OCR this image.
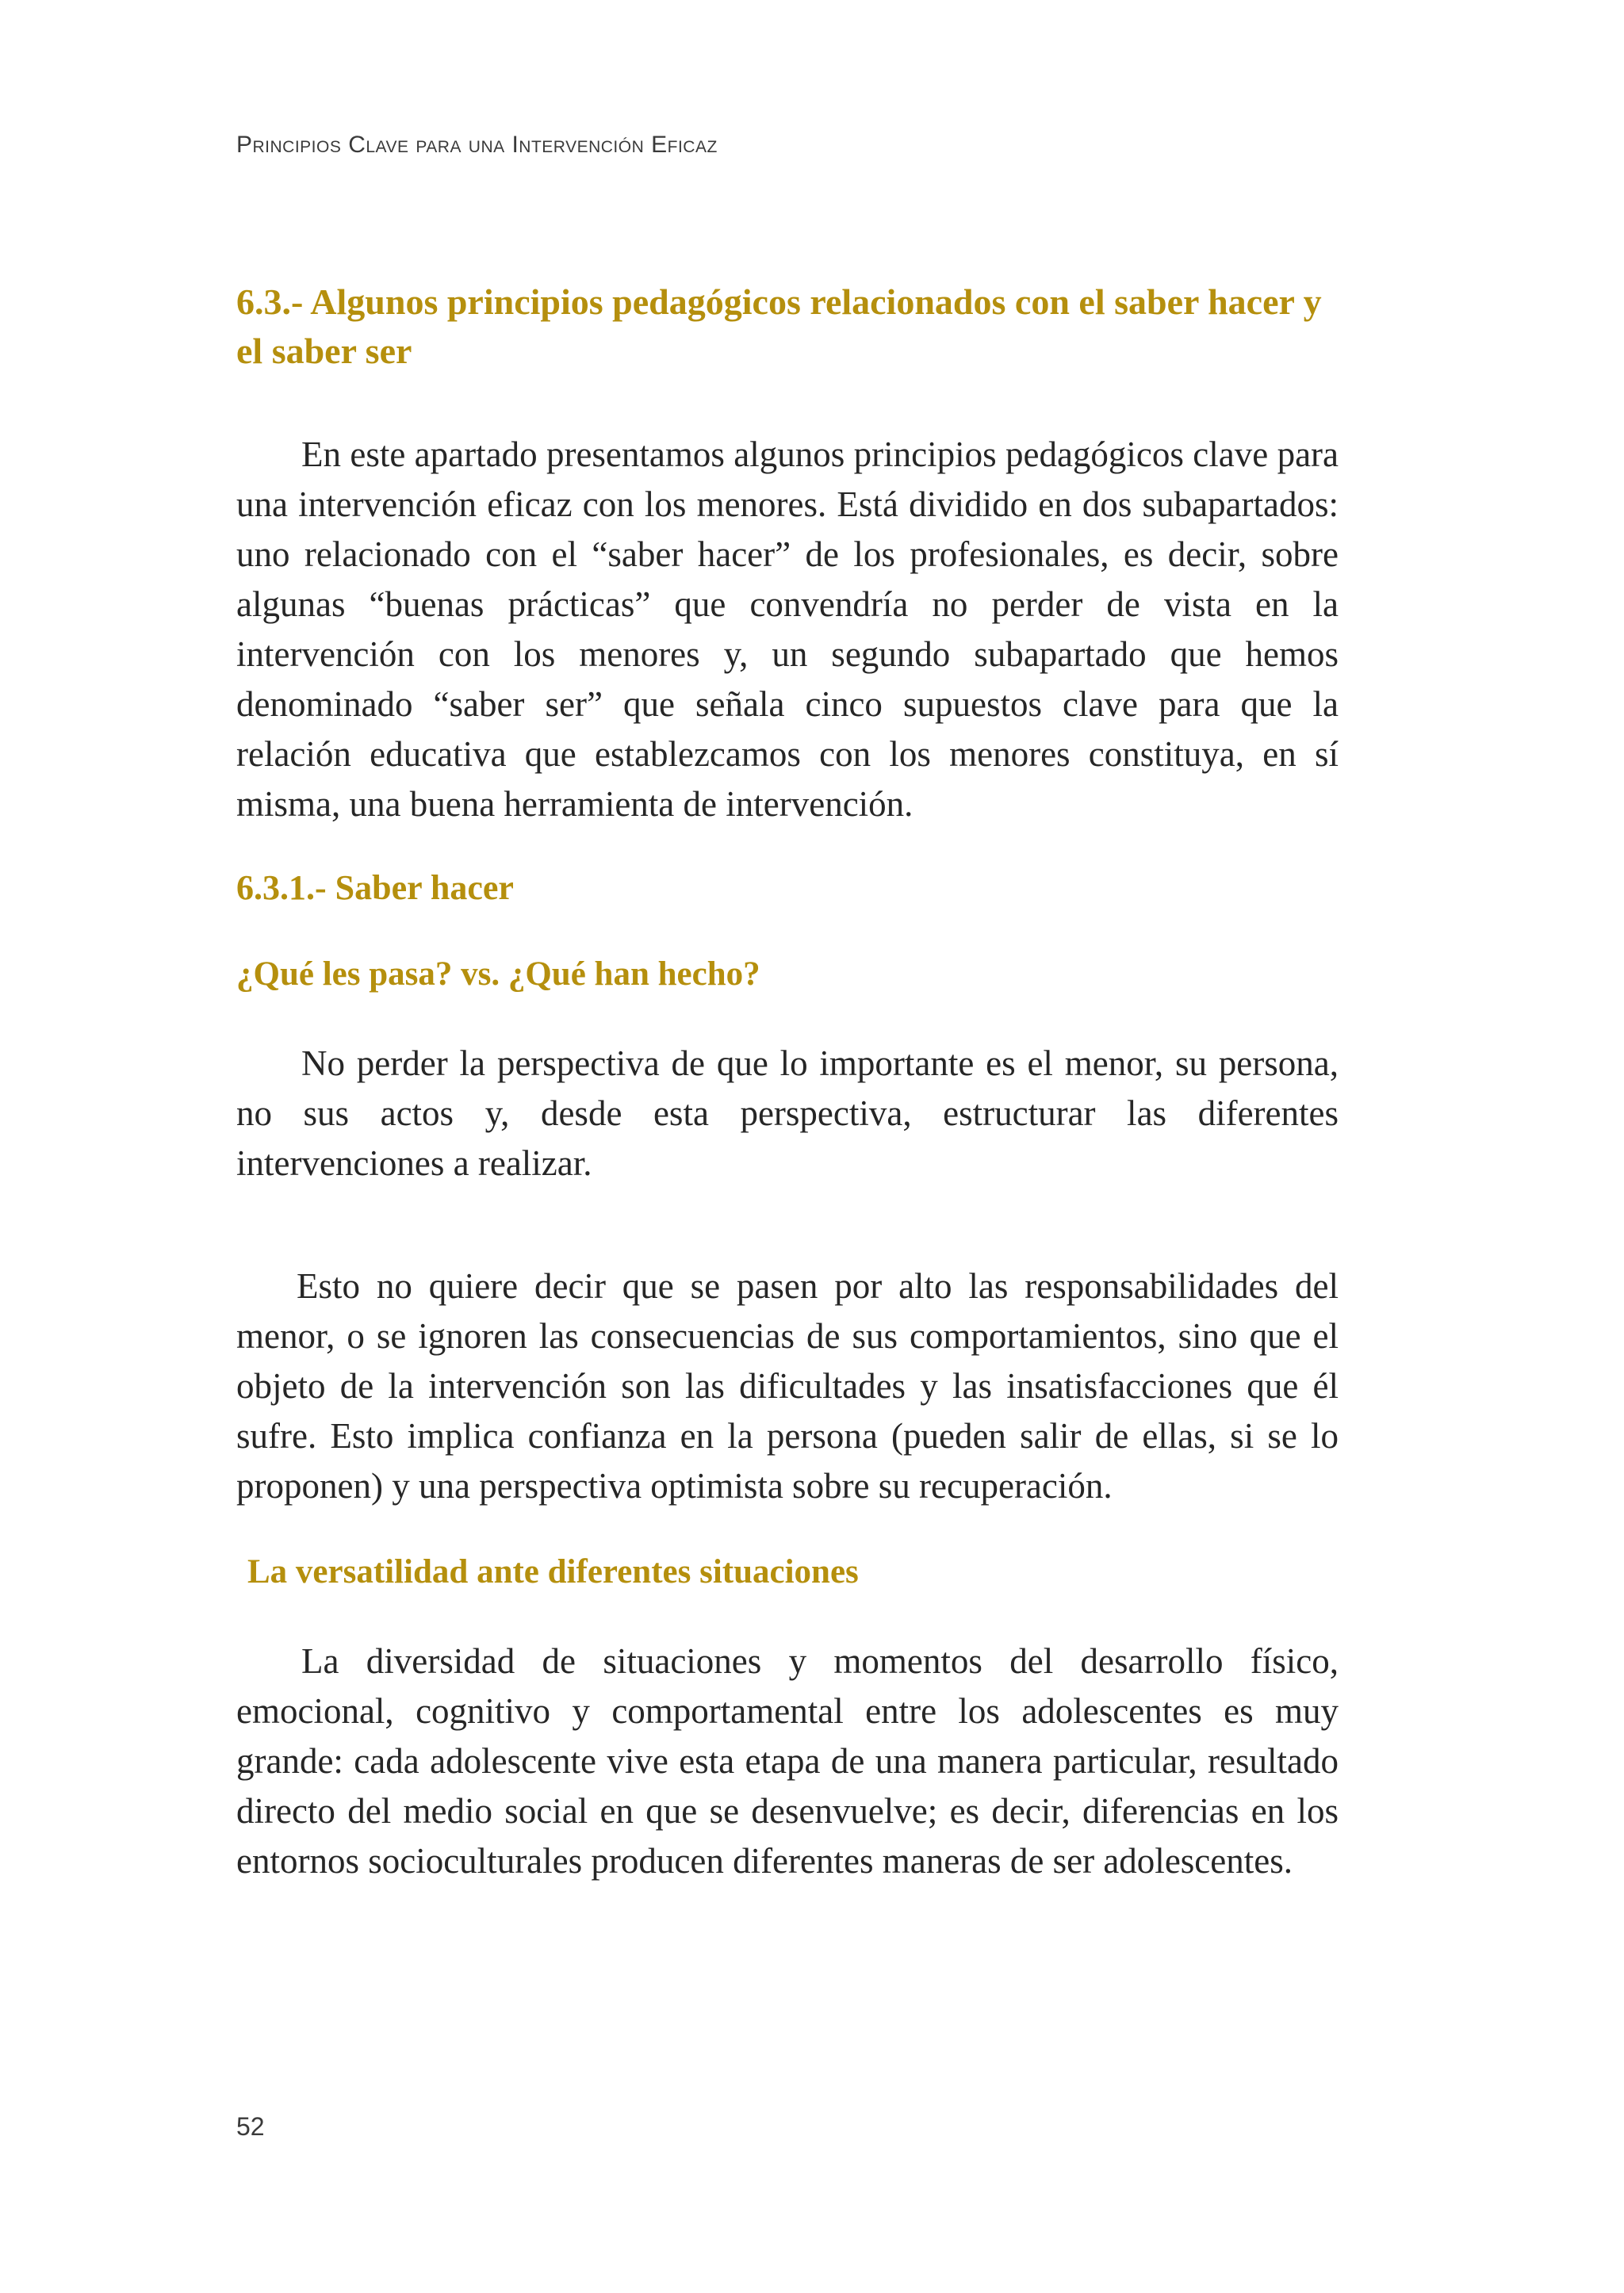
Principios Clave para una Intervención Eficaz
6.3.- Algunos principios pedagógicos relacionados con el saber hacer y el saber ser

En este apartado presentamos algunos principios pedagógicos clave para una intervención eficaz con los menores. Está dividido en dos subapartados: uno relacionado con el “saber hacer” de los profesionales, es decir, sobre algunas “buenas prácticas” que convendría no perder de vista en la intervención con los menores y, un segundo subapartado que hemos denominado “saber ser” que señala cinco supuestos clave para que la relación educativa que establezcamos con los menores constituya, en sí misma, una buena herramienta de intervención.

6.3.1.- Saber hacer
¿Qué les pasa? vs. ¿Qué han hecho?

No perder la perspectiva de que lo importante es el menor, su persona, no sus actos y, desde esta perspectiva, estructurar las diferentes intervenciones a realizar.

Esto no quiere decir que se pasen por alto las responsabilidades del menor, o se ignoren las consecuencias de sus comportamientos, sino que el objeto de la intervención son las dificultades y las insatisfacciones que él sufre. Esto implica confianza en la persona (pueden salir de ellas, si se lo proponen) y una perspectiva optimista sobre su recuperación.

La versatilidad ante diferentes situaciones

La diversidad de situaciones y momentos del desarrollo físico, emocional, cognitivo y comportamental entre los adolescentes es muy grande: cada adolescente vive esta etapa de una manera particular, resultado directo del medio social en que se desenvuelve; es decir, diferencias en los entornos socioculturales producen diferentes maneras de ser adolescentes.

52
